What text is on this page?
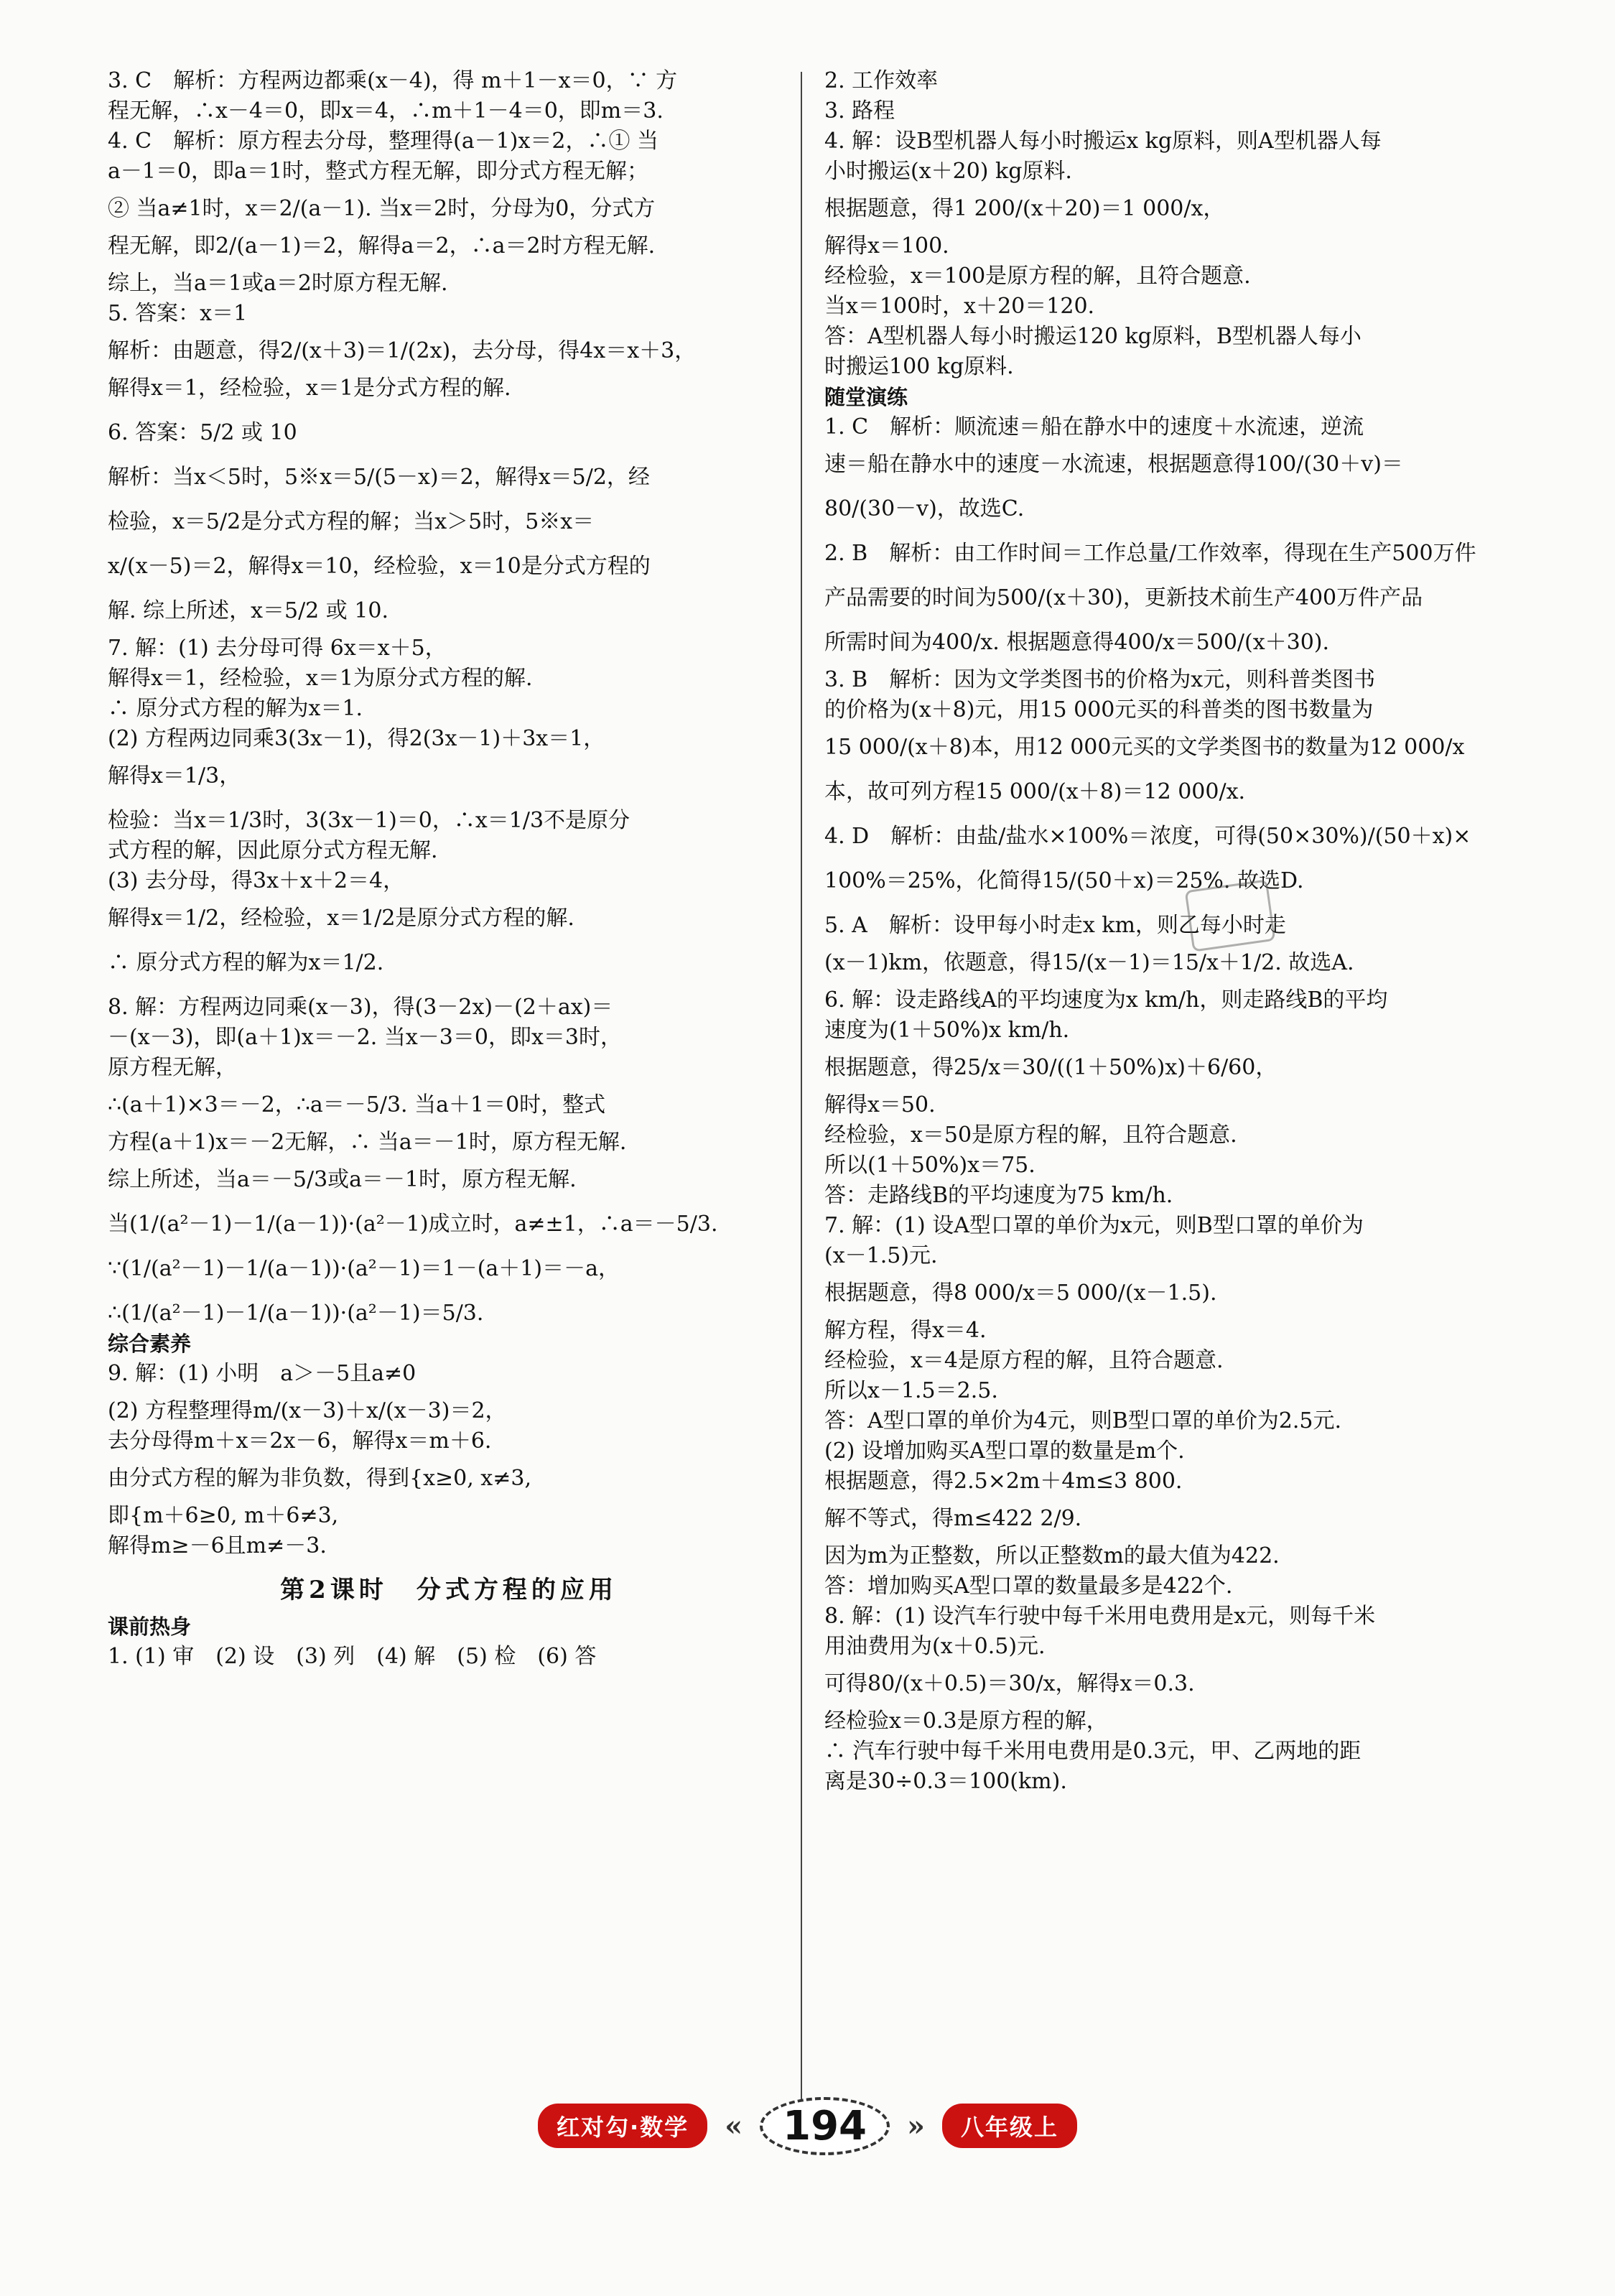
3. C　解析：方程两边都乘(x－4)，得 m＋1－x＝0，∵ 方
程无解，∴x－4＝0，即x＝4，∴m＋1－4＝0，即m＝3.
4. C　解析：原方程去分母，整理得(a－1)x＝2，∴① 当
a－1＝0，即a＝1时，整式方程无解，即分式方程无解；
② 当a≠1时，x＝2/(a－1). 当x＝2时，分母为0，分式方
程无解，即2/(a－1)＝2，解得a＝2，∴a＝2时方程无解.
综上，当a＝1或a＝2时原方程无解.
5. 答案：x＝1
解析：由题意，得2/(x＋3)＝1/(2x)，去分母，得4x＝x＋3，
解得x＝1，经检验，x＝1是分式方程的解.
6. 答案：5/2 或 10
解析：当x＜5时，5※x＝5/(5－x)＝2，解得x＝5/2，经
检验，x＝5/2是分式方程的解；当x＞5时，5※x＝
x/(x－5)＝2，解得x＝10，经检验，x＝10是分式方程的
解. 综上所述，x＝5/2 或 10.
7. 解：(1) 去分母可得 6x＝x＋5，
解得x＝1，经检验，x＝1为原分式方程的解.
∴ 原分式方程的解为x＝1.
(2) 方程两边同乘3(3x－1)，得2(3x－1)＋3x＝1，
解得x＝1/3，
检验：当x＝1/3时，3(3x－1)＝0，∴x＝1/3不是原分
式方程的解，因此原分式方程无解.
(3) 去分母，得3x＋x＋2＝4，
解得x＝1/2，经检验，x＝1/2是原分式方程的解.
∴ 原分式方程的解为x＝1/2.
8. 解：方程两边同乘(x－3)，得(3－2x)－(2＋ax)＝
－(x－3)，即(a＋1)x＝－2. 当x－3＝0，即x＝3时，
原方程无解，
∴(a＋1)×3＝－2，∴a＝－5/3. 当a＋1＝0时，整式
方程(a＋1)x＝－2无解，∴ 当a＝－1时，原方程无解.
综上所述，当a＝－5/3或a＝－1时，原方程无解.
当(1/(a²－1)－1/(a－1))·(a²－1)成立时，a≠±1，∴a＝－5/3.
∵(1/(a²－1)－1/(a－1))·(a²－1)＝1－(a＋1)＝－a，
∴(1/(a²－1)－1/(a－1))·(a²－1)＝5/3.
综合素养
9. 解：(1) 小明　a＞－5且a≠0
(2) 方程整理得m/(x－3)＋x/(x－3)＝2，
去分母得m＋x＝2x－6，解得x＝m＋6.
由分式方程的解为非负数，得到{x≥0, x≠3,
即{m＋6≥0, m＋6≠3,
解得m≥－6且m≠－3.
第2课时　分式方程的应用
课前热身
1. (1) 审　(2) 设　(3) 列　(4) 解　(5) 检　(6) 答
2. 工作效率
3. 路程
4. 解：设B型机器人每小时搬运x kg原料，则A型机器人每
小时搬运(x＋20) kg原料.
根据题意，得1 200/(x＋20)＝1 000/x，
解得x＝100.
经检验，x＝100是原方程的解，且符合题意.
当x＝100时，x＋20＝120.
答：A型机器人每小时搬运120 kg原料，B型机器人每小
时搬运100 kg原料.
随堂演练
1. C　解析：顺流速＝船在静水中的速度＋水流速，逆流
速＝船在静水中的速度－水流速，根据题意得100/(30＋v)＝
80/(30－v)，故选C.
2. B　解析：由工作时间＝工作总量/工作效率，得现在生产500万件
产品需要的时间为500/(x＋30)，更新技术前生产400万件产品
所需时间为400/x. 根据题意得400/x＝500/(x＋30).
3. B　解析：因为文学类图书的价格为x元，则科普类图书
的价格为(x＋8)元，用15 000元买的科普类的图书数量为
15 000/(x＋8)本，用12 000元买的文学类图书的数量为12 000/x
本，故可列方程15 000/(x＋8)＝12 000/x.
4. D　解析：由盐/盐水×100%＝浓度，可得(50×30%)/(50＋x)×
100%＝25%，化简得15/(50＋x)＝25%. 故选D.
5. A　解析：设甲每小时走x km，则乙每小时走
(x－1)km，依题意，得15/(x－1)＝15/x＋1/2. 故选A.
6. 解：设走路线A的平均速度为x km/h，则走路线B的平均
速度为(1＋50%)x km/h.
根据题意，得25/x＝30/((1＋50%)x)＋6/60，
解得x＝50.
经检验，x＝50是原方程的解，且符合题意.
所以(1＋50%)x＝75.
答：走路线B的平均速度为75 km/h.
7. 解：(1) 设A型口罩的单价为x元，则B型口罩的单价为
(x－1.5)元.
根据题意，得8 000/x＝5 000/(x－1.5).
解方程，得x＝4.
经检验，x＝4是原方程的解，且符合题意.
所以x－1.5＝2.5.
答：A型口罩的单价为4元，则B型口罩的单价为2.5元.
(2) 设增加购买A型口罩的数量是m个.
根据题意，得2.5×2m＋4m≤3 800.
解不等式，得m≤422 2/9.
因为m为正整数，所以正整数m的最大值为422.
答：增加购买A型口罩的数量最多是422个.
8. 解：(1) 设汽车行驶中每千米用电费用是x元，则每千米
用油费用为(x＋0.5)元.
可得80/(x＋0.5)＝30/x，解得x＝0.3.
经检验x＝0.3是原方程的解，
∴ 汽车行驶中每千米用电费用是0.3元，甲、乙两地的距
离是30÷0.3＝100(km).
红对勾·数学	«	194	»	八年级上
